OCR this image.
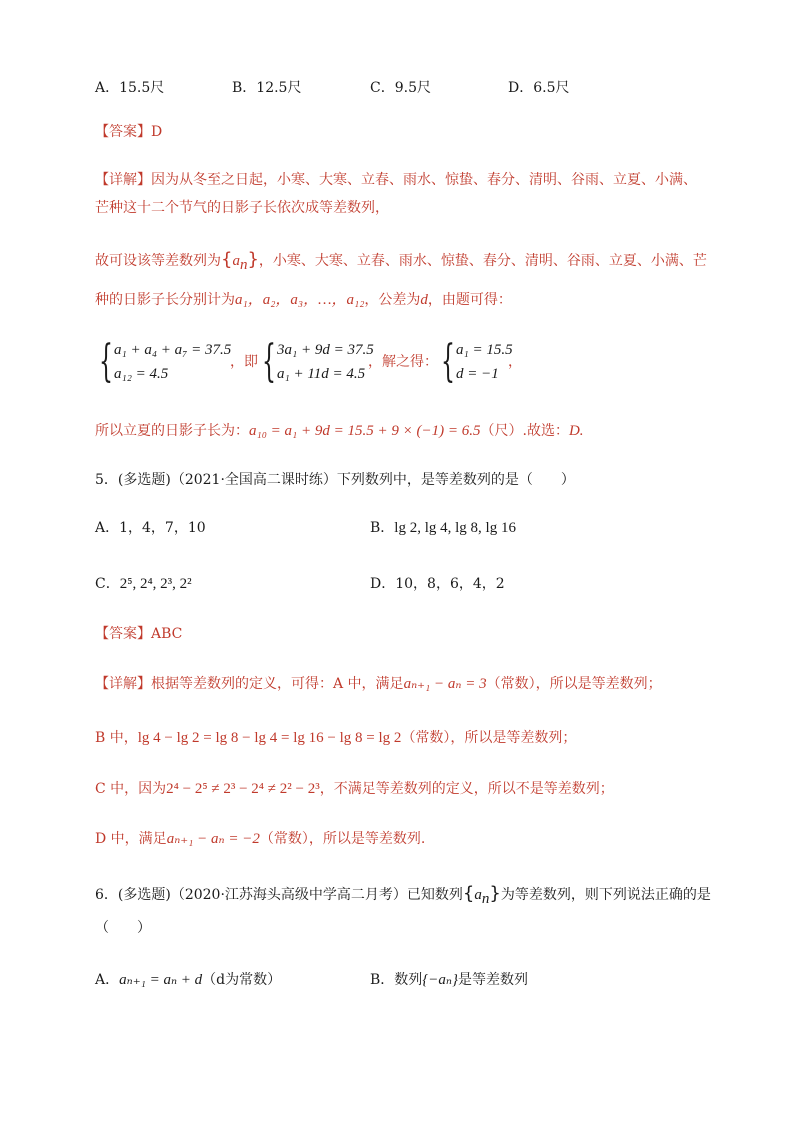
A．15.5尺	B．12.5尺	C．9.5尺	D．6.5尺
【答案】D
【详解】因为从冬至之日起，小寒、大寒、立春、雨水、惊蛰、春分、清明、谷雨、立夏、小满、
芒种这十二个节气的日影子长依次成等差数列，
故可设该等差数列为$\{a_n\}$，小寒、大寒、立春、雨水、惊蛰、春分、清明、谷雨、立夏、小满、芒
种的日影子长分别计为a₁，a₂，a₃，…，a₁₂，公差为d，由题可得：
{ a₁ + a₄ + a₇ = 37.5
a₁₂ = 4.5
，即 { 3a₁ + 9d = 37.5
a₁ + 11d = 4.5
，解之得： { a₁ = 15.5
d = −1
，
所以立夏的日影子长为：a₁₀ = a₁ + 9d = 15.5 + 9 × (−1) = 6.5（尺）.故选：D.
5．(多选题)（2021·全国高二课时练）下列数列中，是等差数列的是（　　）
A．1，4，7，10	B．lg 2, lg 4, lg 8, lg 16
C．2⁵, 2⁴, 2³, 2²	D．10，8，6，4，2
【答案】ABC
【详解】根据等差数列的定义，可得：A 中，满足aₙ₊₁ − aₙ = 3（常数），所以是等差数列；
B 中，lg 4 − lg 2 = lg 8 − lg 4 = lg 16 − lg 8 = lg 2（常数），所以是等差数列；
C 中，因为2⁴ − 2⁵ ≠ 2³ − 2⁴ ≠ 2² − 2³，不满足等差数列的定义，所以不是等差数列；
D 中，满足aₙ₊₁ − aₙ = −2（常数），所以是等差数列.
6．(多选题)（2020·江苏海头高级中学高二月考）已知数列$\{a_n\}$为等差数列，则下列说法正确的是
（　　）
A．aₙ₊₁ = aₙ + d（d为常数）	B．数列{−aₙ}是等差数列
